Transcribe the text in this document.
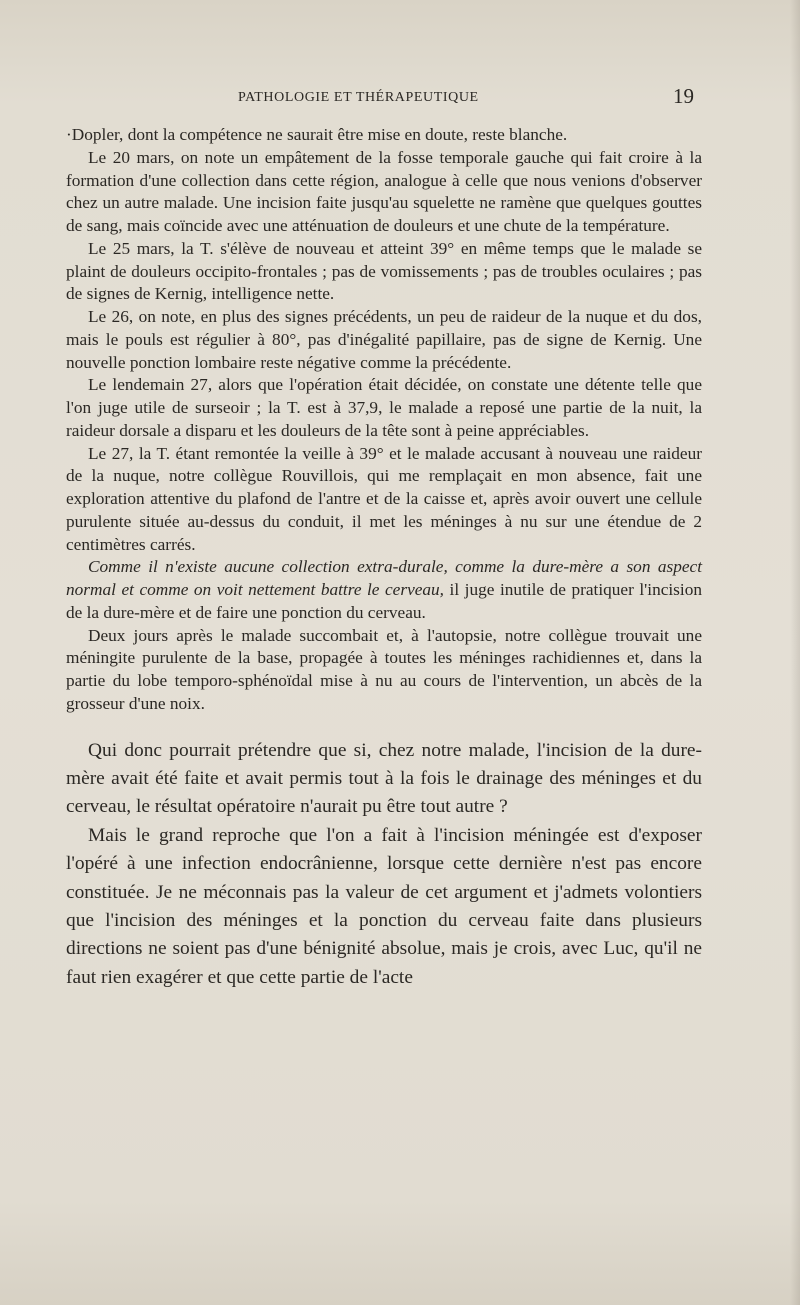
PATHOLOGIE ET THÉRAPEUTIQUE	19

·Dopler, dont la compétence ne saurait être mise en doute, reste blanche.

Le 20 mars, on note un empâtement de la fosse temporale gauche qui fait croire à la formation d'une collection dans cette région, analogue à celle que nous venions d'observer chez un autre malade. Une incision faite jusqu'au squelette ne ramène que quelques gouttes de sang, mais coïncide avec une atténuation de douleurs et une chute de la température.

Le 25 mars, la T. s'élève de nouveau et atteint 39° en même temps que le malade se plaint de douleurs occipito-frontales ; pas de vomissements ; pas de troubles oculaires ; pas de signes de Kernig, intelligence nette.

Le 26, on note, en plus des signes précédents, un peu de raideur de la nuque et du dos, mais le pouls est régulier à 80°, pas d'inégalité papillaire, pas de signe de Kernig. Une nouvelle ponction lombaire reste négative comme la précédente.

Le lendemain 27, alors que l'opération était décidée, on constate une détente telle que l'on juge utile de surseoir ; la T. est à 37,9, le malade a reposé une partie de la nuit, la raideur dorsale a disparu et les douleurs de la tête sont à peine appréciables.

Le 27, la T. étant remontée la veille à 39° et le malade accusant à nouveau une raideur de la nuque, notre collègue Rouvillois, qui me remplaçait en mon absence, fait une exploration attentive du plafond de l'antre et de la caisse et, après avoir ouvert une cellule purulente située au-dessus du conduit, il met les méninges à nu sur une étendue de 2 centimètres carrés.

Comme il n'existe aucune collection extra-durale, comme la dure-mère a son aspect normal et comme on voit nettement battre le cerveau, il juge inutile de pratiquer l'incision de la dure-mère et de faire une ponction du cerveau.

Deux jours après le malade succombait et, à l'autopsie, notre collègue trouvait une méningite purulente de la base, propagée à toutes les méninges rachidiennes et, dans la partie du lobe temporo-sphénoïdal mise à nu au cours de l'intervention, un abcès de la grosseur d'une noix.

Qui donc pourrait prétendre que si, chez notre malade, l'incision de la dure-mère avait été faite et avait permis tout à la fois le drainage des méninges et du cerveau, le résultat opératoire n'aurait pu être tout autre ?

Mais le grand reproche que l'on a fait à l'incision méningée est d'exposer l'opéré à une infection endocrânienne, lorsque cette dernière n'est pas encore constituée. Je ne méconnais pas la valeur de cet argument et j'admets volontiers que l'incision des méninges et la ponction du cerveau faite dans plusieurs directions ne soient pas d'une bénignité absolue, mais je crois, avec Luc, qu'il ne faut rien exagérer et que cette partie de l'acte
